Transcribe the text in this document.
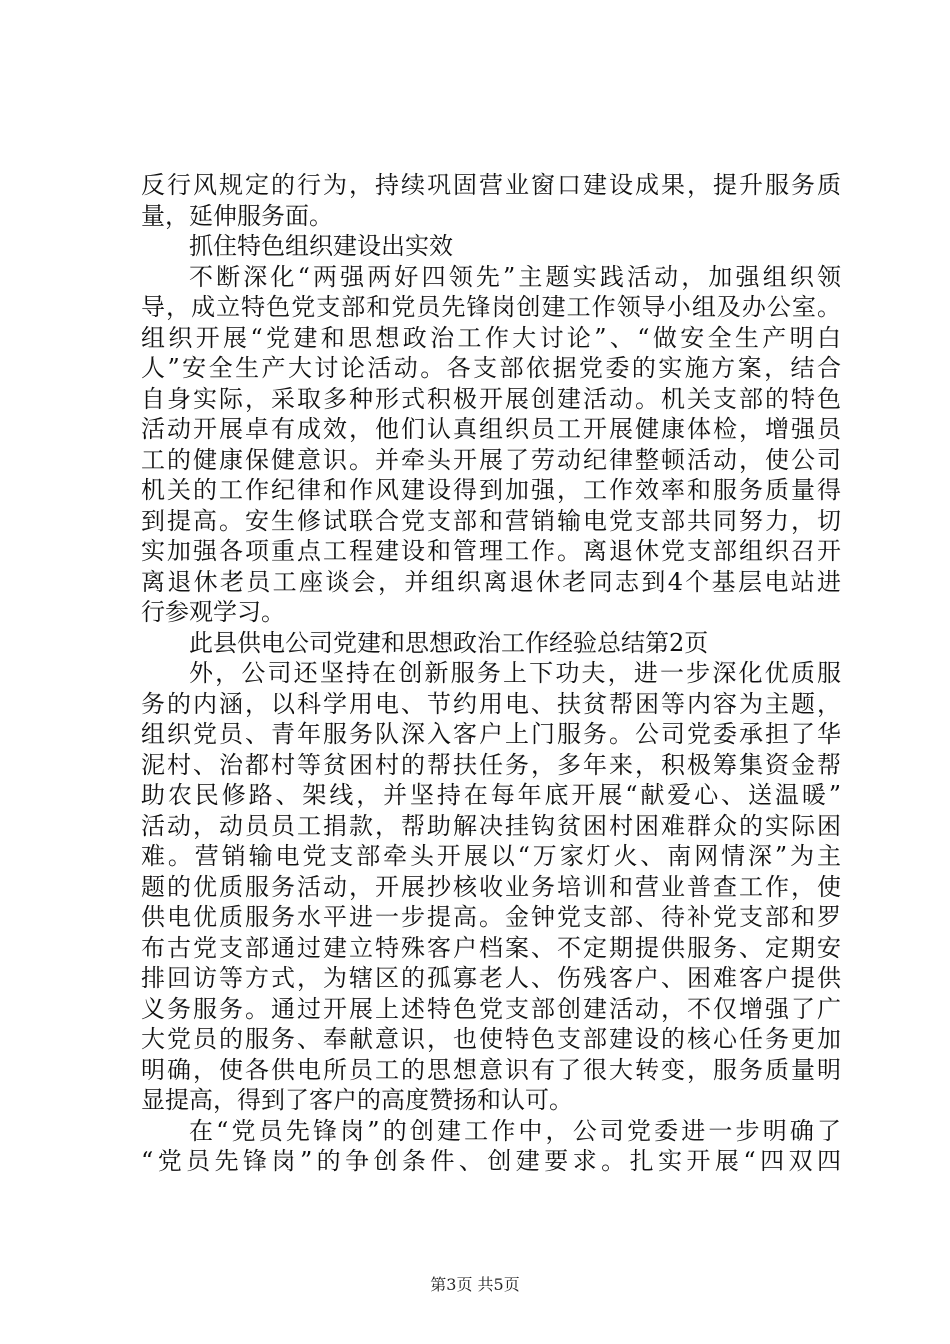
反行风规定的行为，持续巩固营业窗口建设成果，提升服务质
量，延伸服务面。
抓住特色组织建设出实效
不断深化“两强两好四领先”主题实践活动，加强组织领
导，成立特色党支部和党员先锋岗创建工作领导小组及办公室。
组织开展“党建和思想政治工作大讨论”、“做安全生产明白
人”安全生产大讨论活动。各支部依据党委的实施方案，结合
自身实际，采取多种形式积极开展创建活动。机关支部的特色
活动开展卓有成效，他们认真组织员工开展健康体检，增强员
工的健康保健意识。并牵头开展了劳动纪律整顿活动，使公司
机关的工作纪律和作风建设得到加强，工作效率和服务质量得
到提高。安生修试联合党支部和营销输电党支部共同努力，切
实加强各项重点工程建设和管理工作。离退休党支部组织召开
离退休老员工座谈会，并组织离退休老同志到4个基层电站进
行参观学习。
此县供电公司党建和思想政治工作经验总结第2页
外，公司还坚持在创新服务上下功夫，进一步深化优质服
务的内涵，以科学用电、节约用电、扶贫帮困等内容为主题，
组织党员、青年服务队深入客户上门服务。公司党委承担了华
泥村、治都村等贫困村的帮扶任务，多年来，积极筹集资金帮
助农民修路、架线，并坚持在每年底开展“献爱心、送温暖”
活动，动员员工捐款，帮助解决挂钩贫困村困难群众的实际困
难。营销输电党支部牵头开展以“万家灯火、南网情深”为主
题的优质服务活动，开展抄核收业务培训和营业普查工作，使
供电优质服务水平进一步提高。金钟党支部、待补党支部和罗
布古党支部通过建立特殊客户档案、不定期提供服务、定期安
排回访等方式，为辖区的孤寡老人、伤残客户、困难客户提供
义务服务。通过开展上述特色党支部创建活动，不仅增强了广
大党员的服务、奉献意识，也使特色支部建设的核心任务更加
明确，使各供电所员工的思想意识有了很大转变，服务质量明
显提高，得到了客户的高度赞扬和认可。
在“党员先锋岗”的创建工作中，公司党委进一步明确了
“党员先锋岗”的争创条件、创建要求。扎实开展“四双四
第3页 共5页
